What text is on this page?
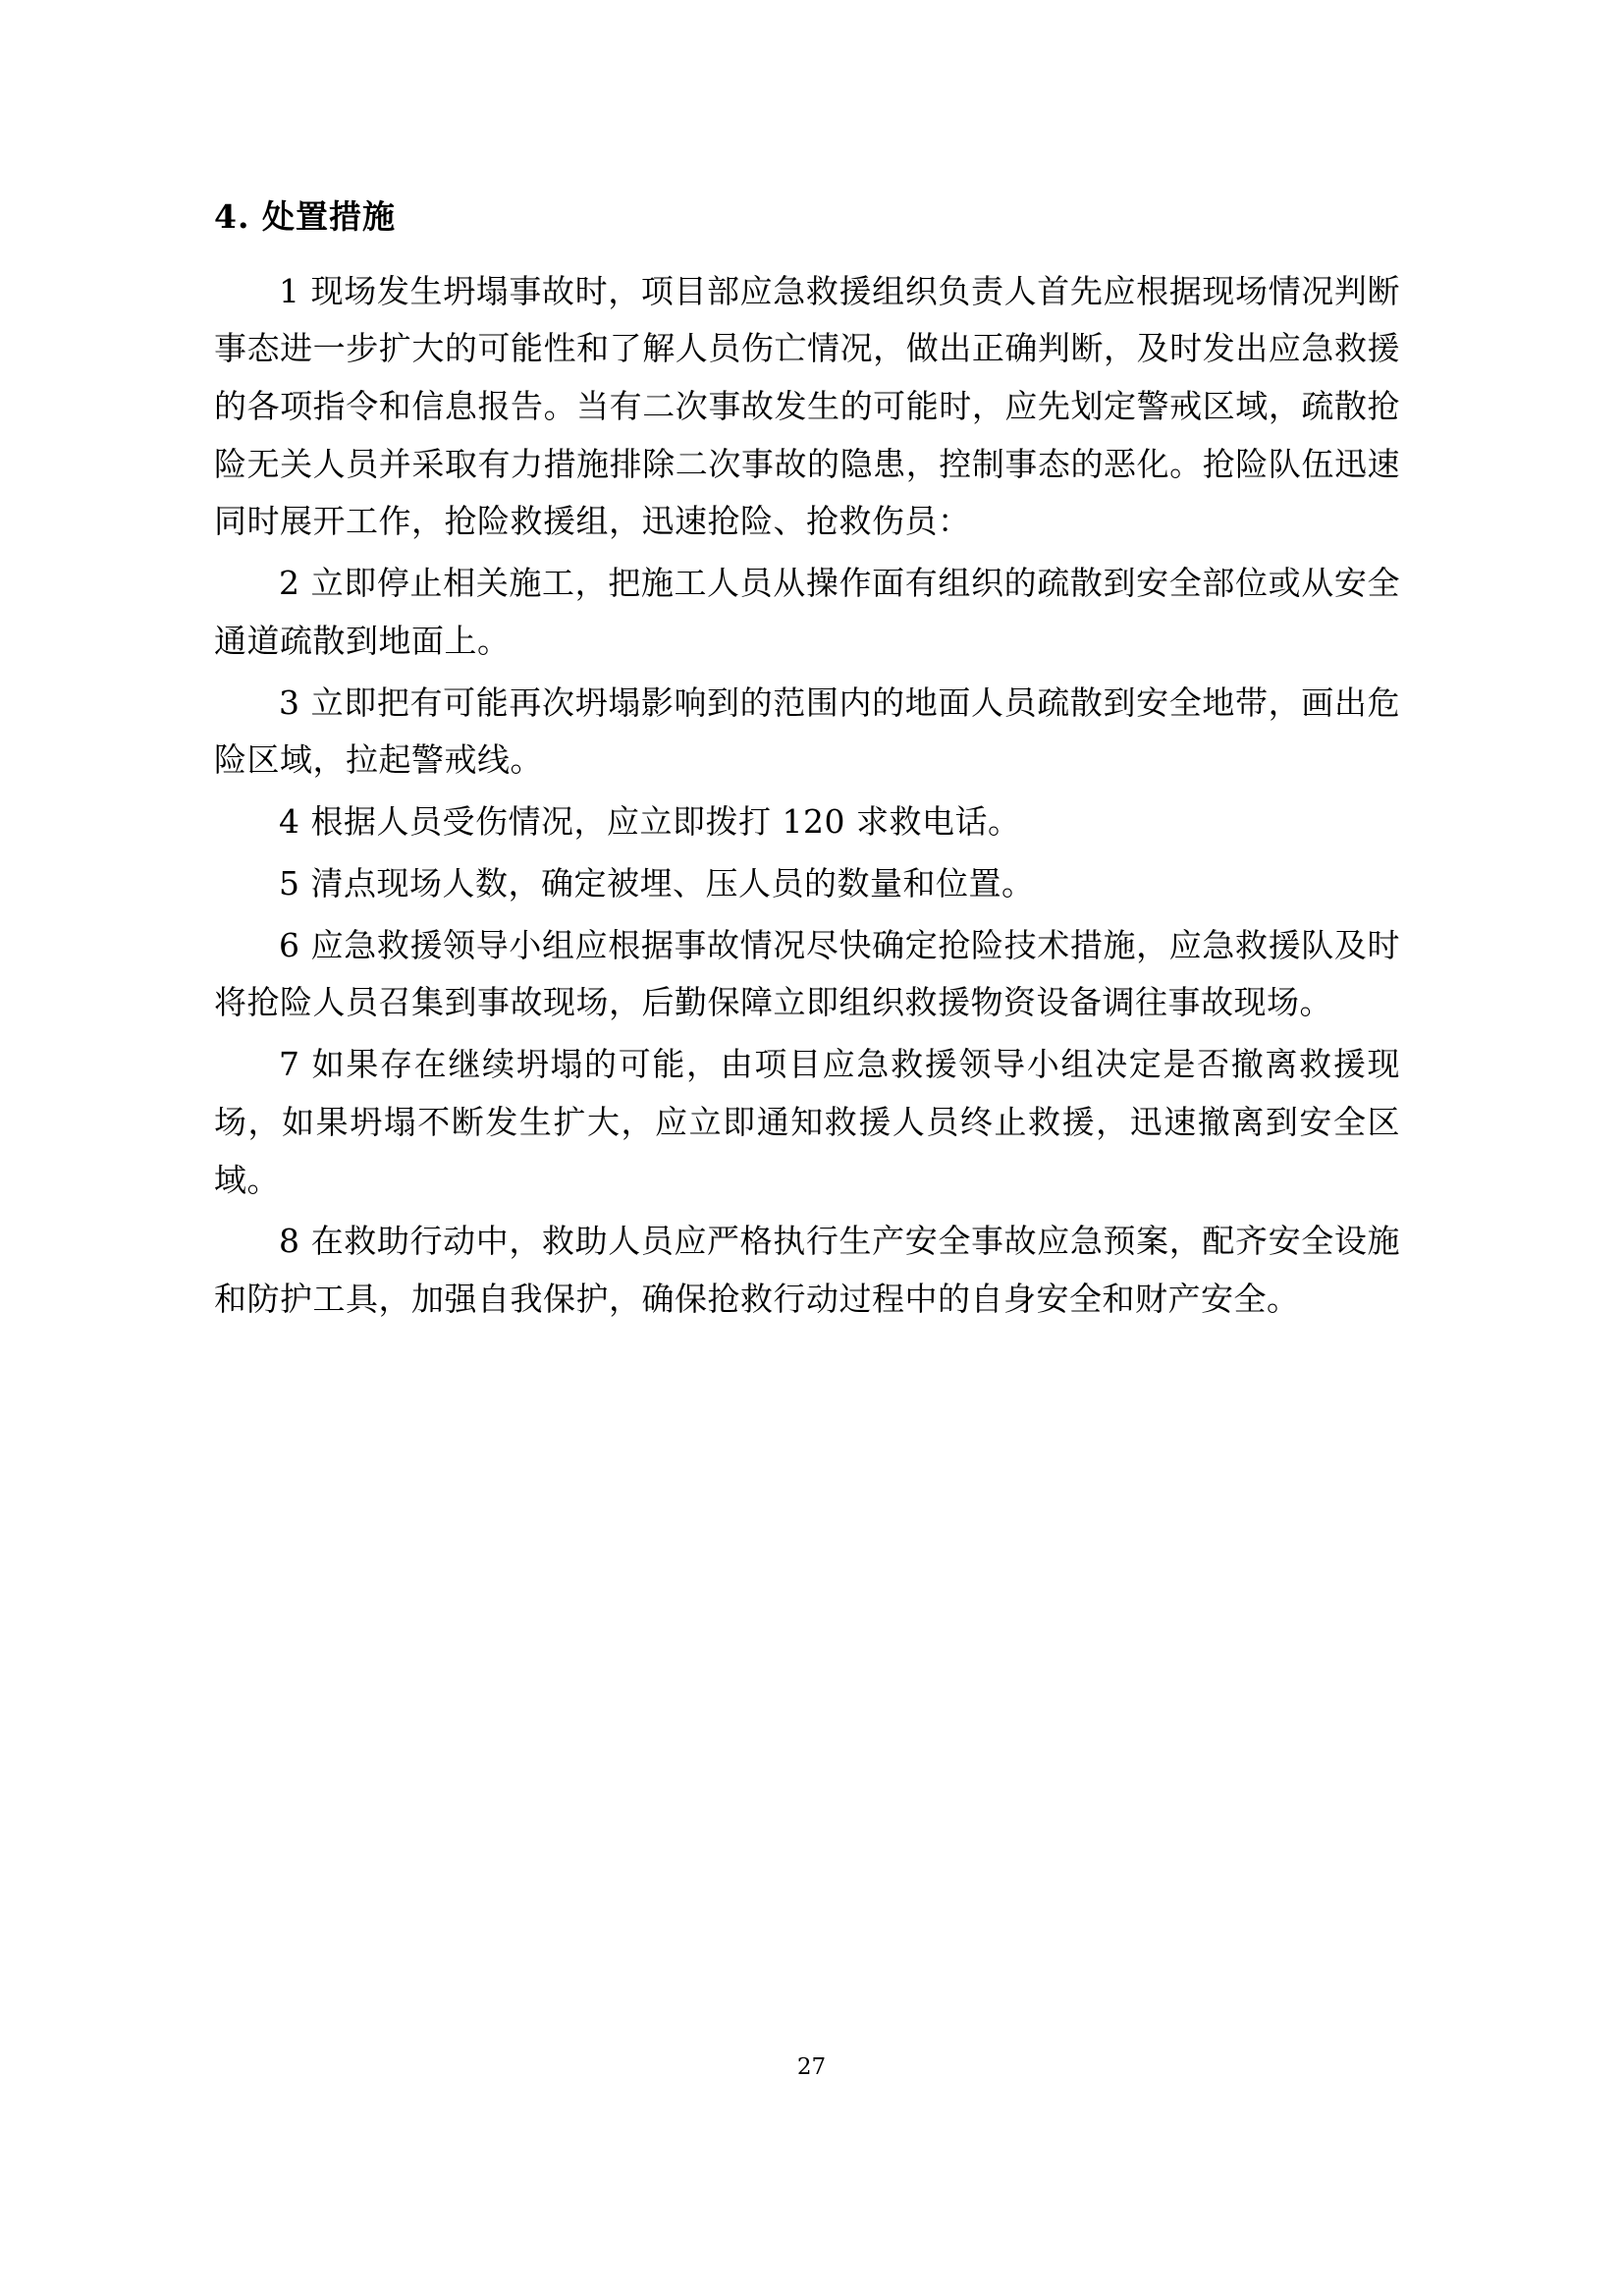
4. 处置措施

1 现场发生坍塌事故时，项目部应急救援组织负责人首先应根据现场情况判断事态进一步扩大的可能性和了解人员伤亡情况，做出正确判断，及时发出应急救援的各项指令和信息报告。当有二次事故发生的可能时，应先划定警戒区域，疏散抢险无关人员并采取有力措施排除二次事故的隐患，控制事态的恶化。抢险队伍迅速同时展开工作，抢险救援组，迅速抢险、抢救伤员：

2 立即停止相关施工，把施工人员从操作面有组织的疏散到安全部位或从安全通道疏散到地面上。

3 立即把有可能再次坍塌影响到的范围内的地面人员疏散到安全地带，画出危险区域，拉起警戒线。

4 根据人员受伤情况，应立即拨打 120 求救电话。

5 清点现场人数，确定被埋、压人员的数量和位置。

6 应急救援领导小组应根据事故情况尽快确定抢险技术措施，应急救援队及时将抢险人员召集到事故现场，后勤保障立即组织救援物资设备调往事故现场。

7 如果存在继续坍塌的可能，由项目应急救援领导小组决定是否撤离救援现场，如果坍塌不断发生扩大，应立即通知救援人员终止救援，迅速撤离到安全区域。

8 在救助行动中，救助人员应严格执行生产安全事故应急预案，配齐安全设施和防护工具，加强自我保护，确保抢救行动过程中的自身安全和财产安全。

27
